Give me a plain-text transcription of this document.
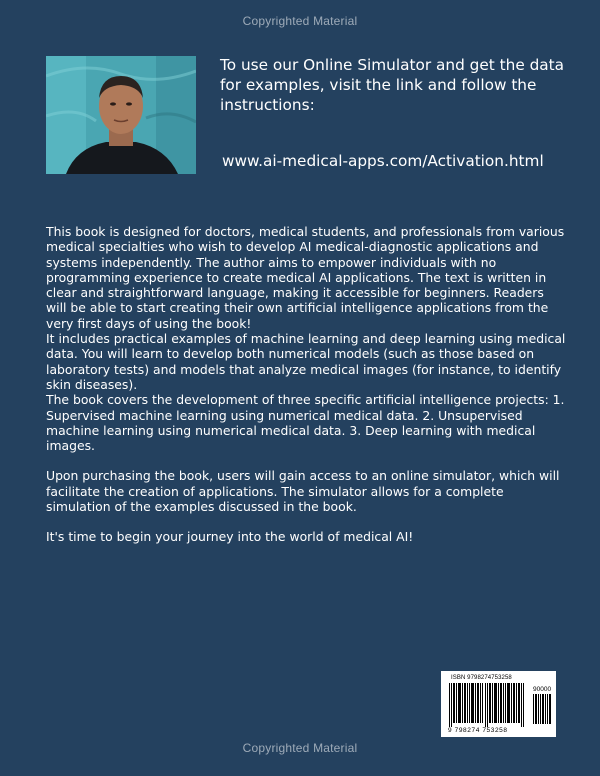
Copyrighted Material
To use our Online Simulator and get the data for examples, visit the link and follow the instructions:
www.ai-medical-apps.com/Activation.html

This book is designed for doctors, medical students, and professionals from various medical specialties who wish to develop AI medical-diagnostic applications and systems independently. The author aims to empower individuals with no programming experience to create medical AI applications. The text is written in clear and straightforward language, making it accessible for beginners. Readers will be able to start creating their own artificial intelligence applications from the very first days of using the book!

It includes practical examples of machine learning and deep learning using medical data. You will learn to develop both numerical models (such as those based on laboratory tests) and models that analyze medical images (for instance, to identify skin diseases).

The book covers the development of three specific artificial intelligence projects: 1. Supervised machine learning using numerical medical data. 2. Unsupervised machine learning using numerical medical data. 3. Deep learning with medical images.

Upon purchasing the book, users will gain access to an online simulator, which will facilitate the creation of applications. The simulator allows for a complete simulation of the examples discussed in the book.

It's time to begin your journey into the world of medical AI!

ISBN 9798274753258
90000
9 798274 753258
Copyrighted Material
